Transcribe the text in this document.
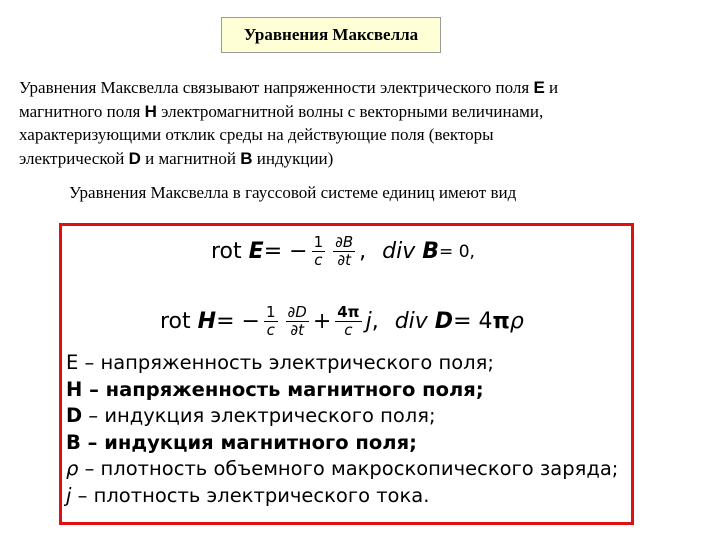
Уравнения Максвелла
Уравнения Максвелла связывают напряженности электрического поля E и
магнитного поля H электромагнитной волны с векторными величинами,
характеризующими отклик среды на действующие поля (векторы
электрической D и магнитной B индукции)
Уравнения Максвелла в гауссовой системе единиц имеют вид
rot
E = − $\frac{1}{c} \frac{\partial B}{\partial t}$ , div
B = 0,
rot
H = − $\frac{1}{c} \frac{\partial D}{\partial t} + \frac{4\pi}{c}$ j , div
D = 4 π ρ
E – напряженность электрического поля;
H – напряженность магнитного поля;
D – индукция электрического поля;
B – индукция магнитного поля;
ρ – плотность объемного макроскопического заряда;
j – плотность электрического тока.
